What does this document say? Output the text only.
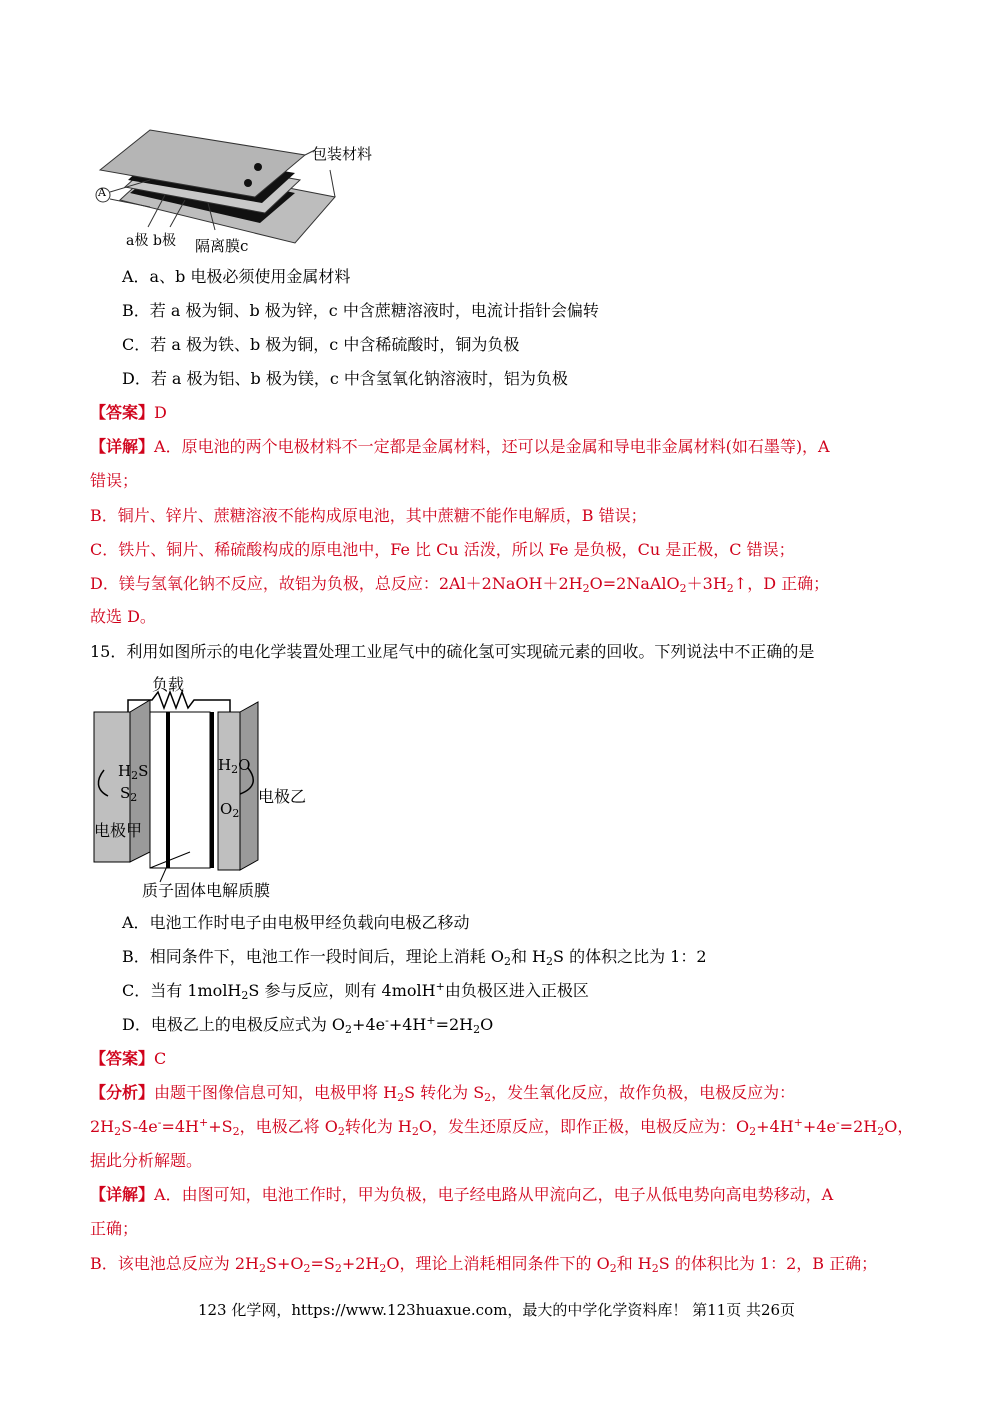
包装材料
A
a极 b极 隔离膜c
A．a、b 电极必须使用金属材料
B．若 a 极为铜、b 极为锌，c 中含蔗糖溶液时，电流计指针会偏转
C．若 a 极为铁、b 极为铜，c 中含稀硫酸时，铜为负极
D．若 a 极为铝、b 极为镁，c 中含氢氧化钠溶液时，铝为负极
【答案】D
【详解】A．原电池的两个电极材料不一定都是金属材料，还可以是金属和导电非金属材料(如石墨等)，A
错误；
B．铜片、锌片、蔗糖溶液不能构成原电池，其中蔗糖不能作电解质，B 错误；
C．铁片、铜片、稀硫酸构成的原电池中，Fe 比 Cu 活泼，所以 Fe 是负极，Cu 是正极，C 错误；
D．镁与氢氧化钠不反应，故铝为负极，总反应：$2Al+2NaOH+2H_2O=2NaAlO_2+3H_2↑$，D 正确；
故选 D。
15．利用如图所示的电化学装置处理工业尾气中的硫化氢可实现硫元素的回收。下列说法中不正确的是
负载
$H_2S$
$S_2$
电极甲
$H_2O$
$O_2$
电极乙
质子固体电解质膜
A．电池工作时电子由电极甲经负载向电极乙移动
B．相同条件下，电池工作一段时间后，理论上消耗 $O_2$和 $H_2S$ 的体积之比为 1：2
C．当有 1molH$_2$S 参与反应，则有 4molH+由负极区进入正极区
D．电极乙上的电极反应式为 $O_2+4e^-+4H^+=2H_2O$
【答案】C
【分析】由题干图像信息可知，电极甲将 $H_2S$ 转化为 $S_2$，发生氧化反应，故作负极，电极反应为：
$2H_2S-4e^-=4H^++S_2$，电极乙将 $O_2$转化为 $H_2O$，发生还原反应，即作正极，电极反应为：$O_2+4H^++4e^-=2H_2O$，
据此分析解题。
【详解】A．由图可知，电池工作时，甲为负极，电子经电路从甲流向乙，电子从低电势向高电势移动，A
正确；
B．该电池总反应为 $2H_2S+O_2=S_2+2H_2O$，理论上消耗相同条件下的 $O_2$和 $H_2S$ 的体积比为 1：2，B 正确；
123 化学网，https://www.123huaxue.com，最大的中学化学资料库！ 第11页 共26页
